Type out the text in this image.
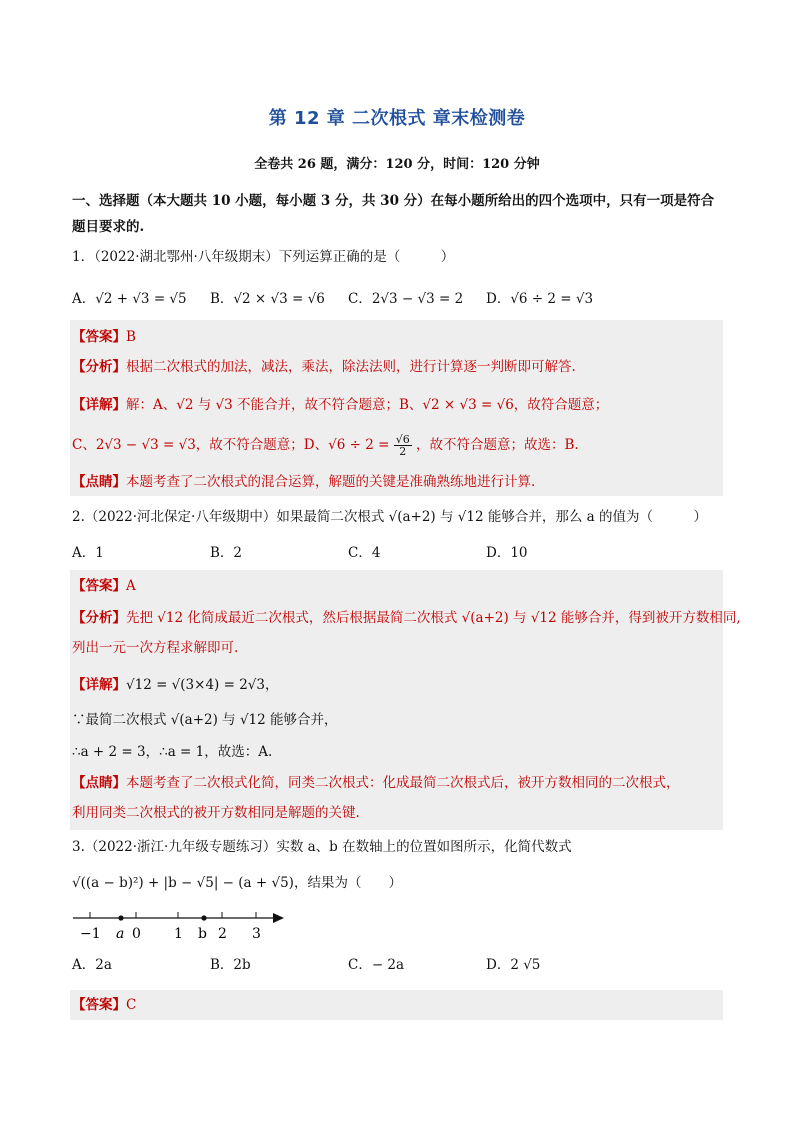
第 12 章 二次根式 章末检测卷
全卷共 26 题，满分：120 分，时间：120 分钟
一、选择题（本大题共 10 小题，每小题 3 分，共 30 分）在每小题所给出的四个选项中，只有一项是符合
题目要求的.
1．（2022·湖北鄂州·八年级期末）下列运算正确的是（　　　）
A．√2 + √3 = √5 B．√2 × √3 = √6 C．2√3 − √3 = 2 D．√6 ÷ 2 = √3
【答案】B
【分析】根据二次根式的加法，减法，乘法，除法法则，进行计算逐一判断即可解答.
【详解】解：A、√2 与 √3 不能合并，故不符合题意；B、√2 × √3 = √6，故符合题意；
C、2√3 − √3 = √3，故不符合题意；D、$√6 \div 2 = \frac{√6}{2}$ ，故不符合题意；故选：B.
【点睛】本题考查了二次根式的混合运算，解题的关键是准确熟练地进行计算.
2.（2022·河北保定·八年级期中）如果最简二次根式 √(a+2) 与 √12 能够合并，那么 a 的值为（　　　）
A．1	B．2	C．4	D．10
【答案】A
【分析】先把 √12 化简成最近二次根式，然后根据最简二次根式 √(a+2) 与 √12 能够合并，得到被开方数相同,
列出一元一次方程求解即可.
【详解】√12 = √(3×4) = 2√3，
∵最简二次根式 √(a+2) 与 √12 能够合并，
∴a + 2 = 3，∴a = 1，故选：A.
【点睛】本题考查了二次根式化简，同类二次根式：化成最简二次根式后，被开方数相同的二次根式，
利用同类二次根式的被开方数相同是解题的关键.
3.（2022·浙江·九年级专题练习）实数 a、b 在数轴上的位置如图所示，化简代数式
√((a − b)²) + |b − √5| − (a + √5)，结果为（　　）
−1 a 0 1 b 2 3
A．2a	B．2b	C．− 2a	D．2 √5
【答案】C
